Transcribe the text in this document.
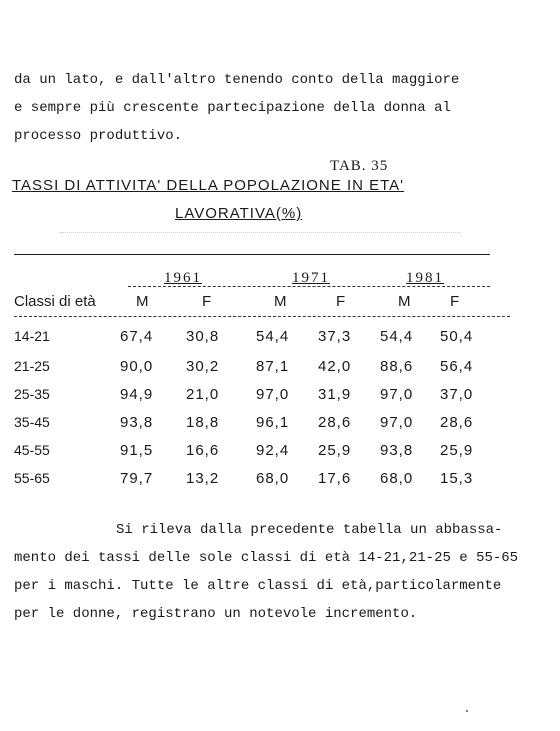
da un lato, e dall'altro tenendo conto della maggiore
e sempre più crescente partecipazione della donna al
processo produttivo.
TAB. 35
TASSI DI ATTIVITA' DELLA POPOLAZIONE IN ETA'
LAVORATIVA(%)
1961	1971	1981
Classi di età	M	F	M	F	M	F
14-21	67,4 30,8 54,4 37,3 54,4 50,4
21-25	90,0 30,2 87,1 42,0 88,6 56,4
25-35	94,9 21,0 97,0 31,9 97,0 37,0
35-45	93,8 18,8 96,1 28,6 97,0 28,6
45-55	91,5 16,6 92,4 25,9 93,8 25,9
55-65	79,7 13,2 68,0 17,6 68,0 15,3
Si rileva dalla precedente tabella un abbassa-
mento dei tassi delle sole classi di età 14-21,21-25 e 55-65
per i maschi. Tutte le altre classi di età,particolarmente
per le donne, registrano un notevole incremento.
